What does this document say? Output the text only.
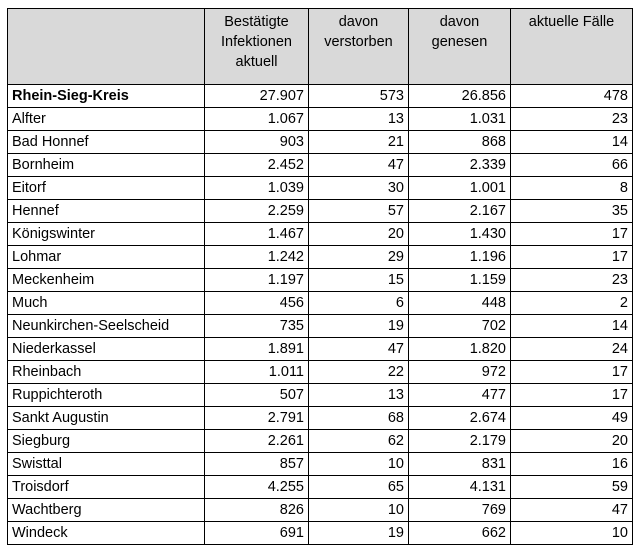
	Bestätigte Infektionen aktuell	davon verstorben	davon genesen	aktuelle Fälle
Rhein-Sieg-Kreis	27.907	573	26.856	478
Alfter	1.067	13	1.031	23
Bad Honnef	903	21	868	14
Bornheim	2.452	47	2.339	66
Eitorf	1.039	30	1.001	8
Hennef	2.259	57	2.167	35
Königswinter	1.467	20	1.430	17
Lohmar	1.242	29	1.196	17
Meckenheim	1.197	15	1.159	23
Much	456	6	448	2
Neunkirchen-Seelscheid	735	19	702	14
Niederkassel	1.891	47	1.820	24
Rheinbach	1.011	22	972	17
Ruppichteroth	507	13	477	17
Sankt Augustin	2.791	68	2.674	49
Siegburg	2.261	62	2.179	20
Swisttal	857	10	831	16
Troisdorf	4.255	65	4.131	59
Wachtberg	826	10	769	47
Windeck	691	19	662	10
